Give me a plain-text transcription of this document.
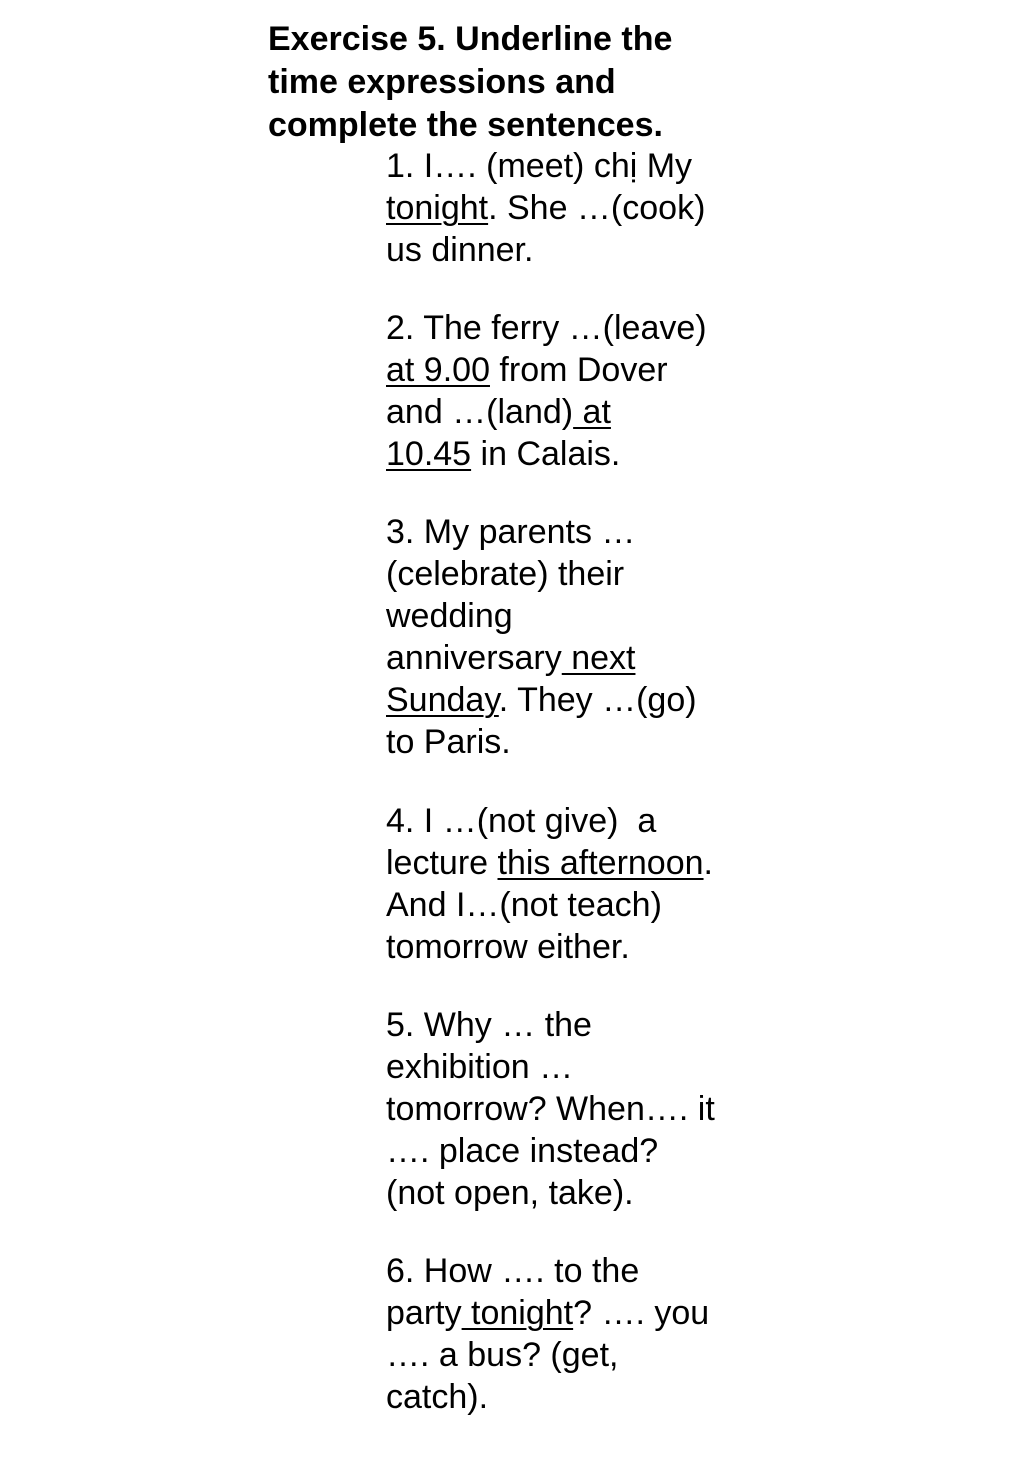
Exercise 5. Underline the
time expressions and
complete the sentences.
1. I…. (meet) chị My
tonight. She …(cook)
us dinner.
2. The ferry …(leave)
at 9.00 from Dover
and …(land) at
10.45 in Calais.
3. My parents …
(celebrate) their
wedding
anniversary next
Sunday. They …(go)
to Paris.
4. I …(not give)  a
lecture this afternoon.
And I…(not teach)
tomorrow either.
5. Why … the
exhibition …
tomorrow? When…. it
…. place instead?
(not open, take).
6. How …. to the
party tonight? …. you
…. a bus? (get,
catch).
